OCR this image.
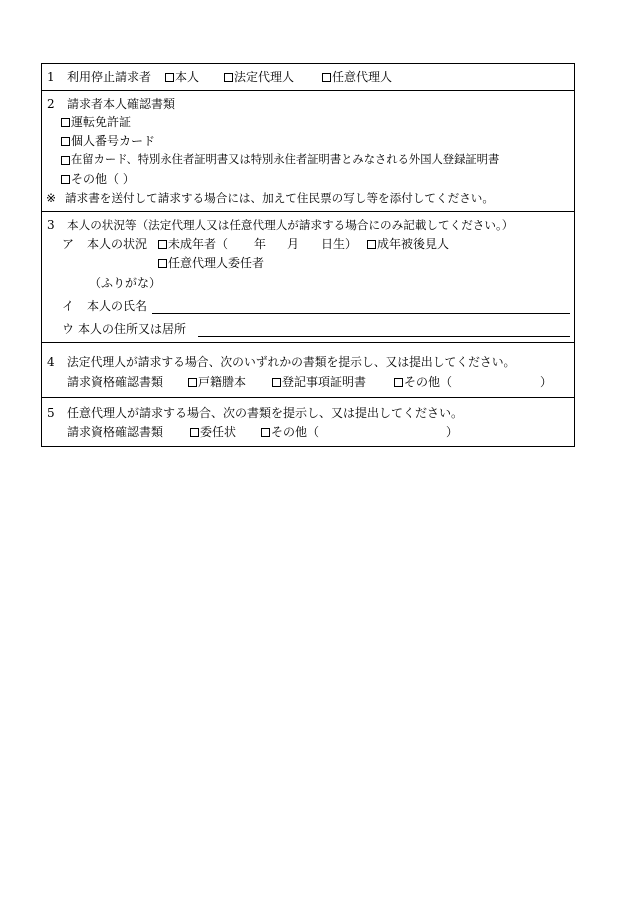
1 利用停止請求者 本人	法定代理人	任意代理人
2 請求者本人確認書類
運転免許証
個人番号カード
在留カード、特別永住者証明書又は特別永住者証明書とみなされる外国人登録証明書
その他（ ）
※ 請求書を送付して請求する場合には、加えて住民票の写し等を添付してください。
3 本人の状況等（法定代理人又は任意代理人が請求する場合にのみ記載してください。）
ア 本人の状況 未成年者（ 年 月 日生） 成年被後見人
任意代理人委任者
（ふりがな）
イ 本人の氏名
ウ 本人の住所又は居所
4 法定代理人が請求する場合、次のいずれかの書類を提示し、又は提出してください。
請求資格確認書類	戸籍謄本	登記事項証明書	その他（	）
5 任意代理人が請求する場合、次の書類を提示し、又は提出してください。
請求資格確認書類	委任状	その他（	）
